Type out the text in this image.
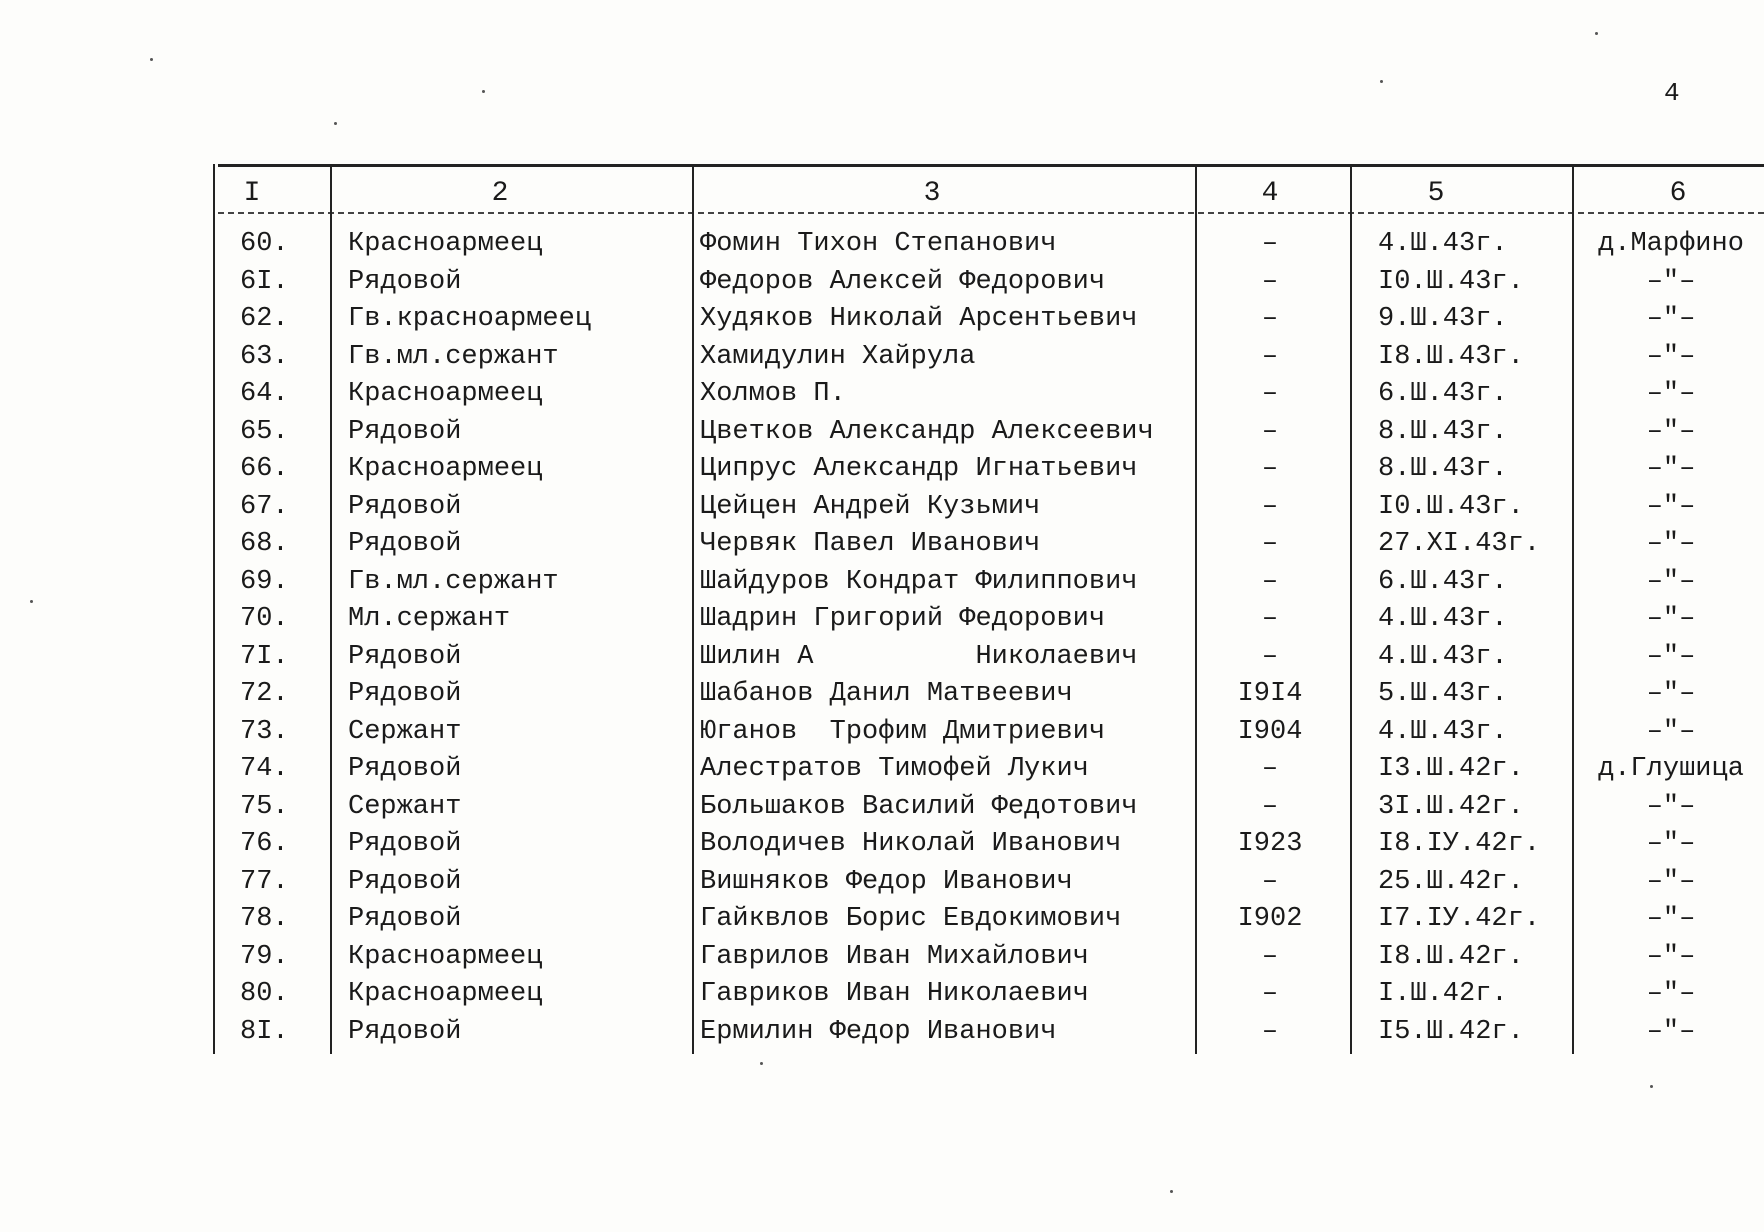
4
I	2	3	4	5	6
60. Красноармеец	Фомин Тихон Степанович	–	4.Ш.43г.	д.Марфино
6I. Рядовой	Федоров Алексей Федорович	–	I0.Ш.43г.	–"–
62. Гв.красноармеец	Худяков Николай Арсентьевич	–	9.Ш.43г.	–"–
63. Гв.мл.сержант	Хамидулин Хайрула	–	I8.Ш.43г.	–"–
64. Красноармеец	Холмов П.	–	6.Ш.43г.	–"–
65. Рядовой	Цветков Александр Алексеевич	–	8.Ш.43г.	–"–
66. Красноармеец	Ципрус Александр Игнатьевич	–	8.Ш.43г.	–"–
67. Рядовой	Цейцен Андрей Кузьмич	–	I0.Ш.43г.	–"–
68. Рядовой	Червяк Павел Иванович	–	27.XI.43г.	–"–
69. Гв.мл.сержант	Шайдуров Кондрат Филиппович	–	6.Ш.43г.	–"–
70. Мл.сержант	Шадрин Григорий Федорович	–	4.Ш.43г.	–"–
7I. Рядовой	Шилин А          Николаевич	–	4.Ш.43г.	–"–
72. Рядовой	Шабанов Данил Матвеевич	I9I4	5.Ш.43г.	–"–
73. Сержант	Юганов  Трофим Дмитриевич	I904	4.Ш.43г.	–"–
74. Рядовой	Алестратов Тимофей Лукич	–	I3.Ш.42г.	д.Глушица
75. Сержант	Большаков Василий Федотович	–	3I.Ш.42г.	–"–
76. Рядовой	Володичев Николай Иванович	I923	I8.IУ.42г.	–"–
77. Рядовой	Вишняков Федор Иванович	–	25.Ш.42г.	–"–
78. Рядовой	Гайквлов Борис Евдокимович	I902	I7.IУ.42г.	–"–
79. Красноармеец	Гаврилов Иван Михайлович	–	I8.Ш.42г.	–"–
80. Красноармеец	Гавриков Иван Николаевич	–	I.Ш.42г.	–"–
8I. Рядовой	Ермилин Федор Иванович	–	I5.Ш.42г.	–"–
